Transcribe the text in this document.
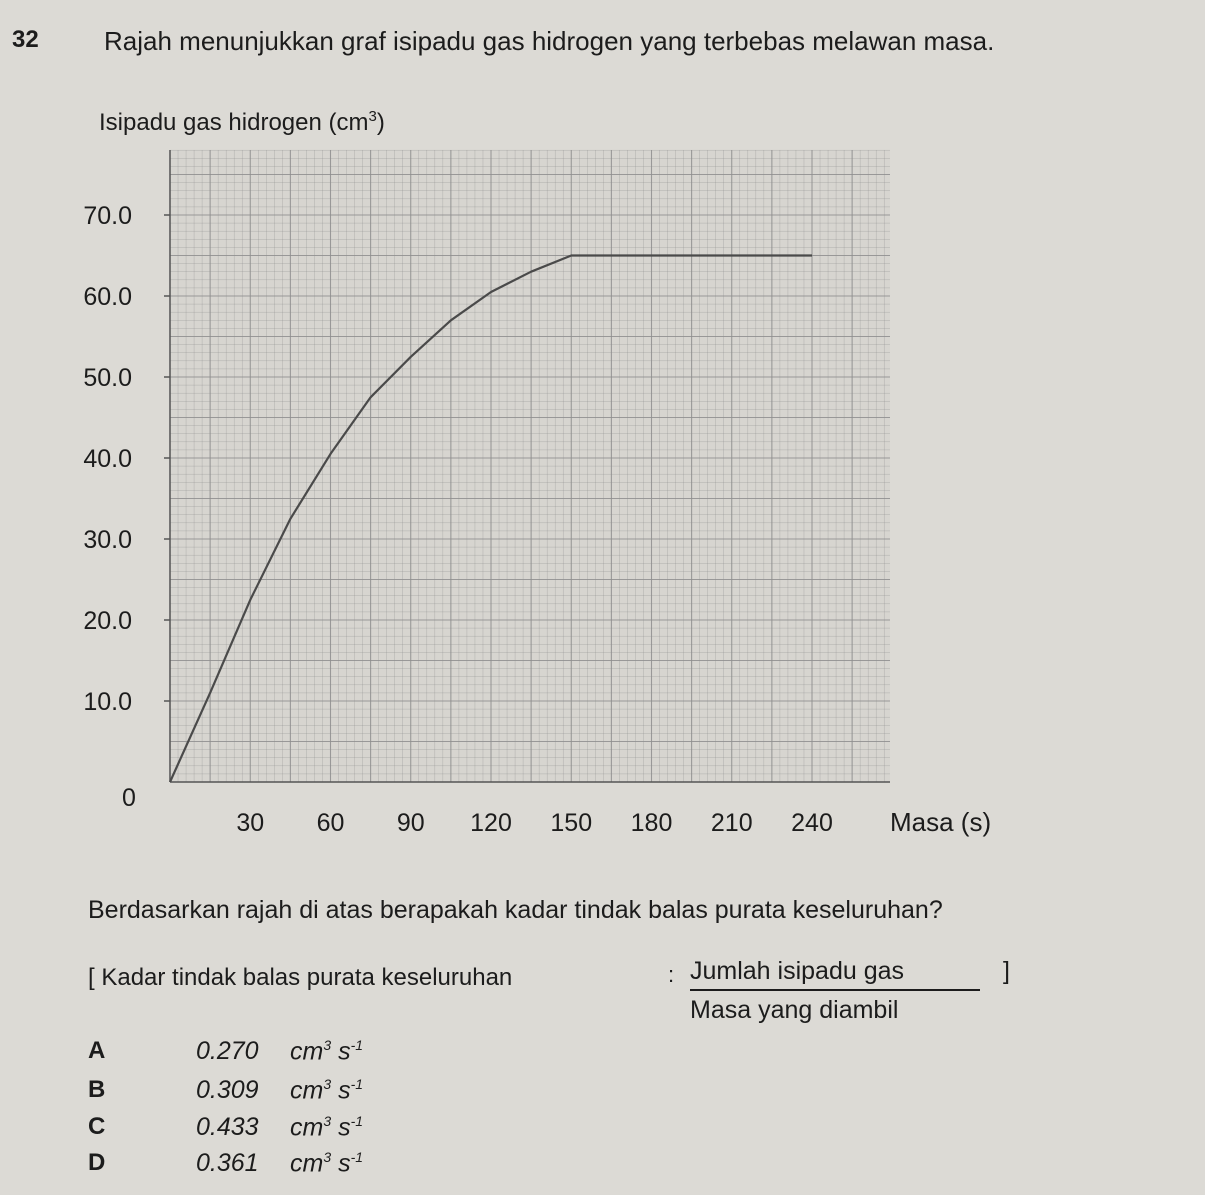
32	Rajah menunjukkan graf isipadu gas hidrogen yang terbebas melawan masa.
Isipadu gas hidrogen $(cm^3)$
10.0
20.0
30.0
40.0
50.0
60.0
70.0
30 60 90 120 150 180 210 240
0
Masa (s)
Berdasarkan rajah di atas berapakah kadar tindak balas purata keseluruhan?
[ Kadar tindak balas purata keseluruhan	: Jumlah isipadu gas
Masa yang diambil
]
A	0.270 $cm^3$ $s^{-1}$
B	0.309 $cm^3$ $s^{-1}$
C	0.433 $cm^3$ $s^{-1}$
D	0.361 $cm^3$ $s^{-1}$
